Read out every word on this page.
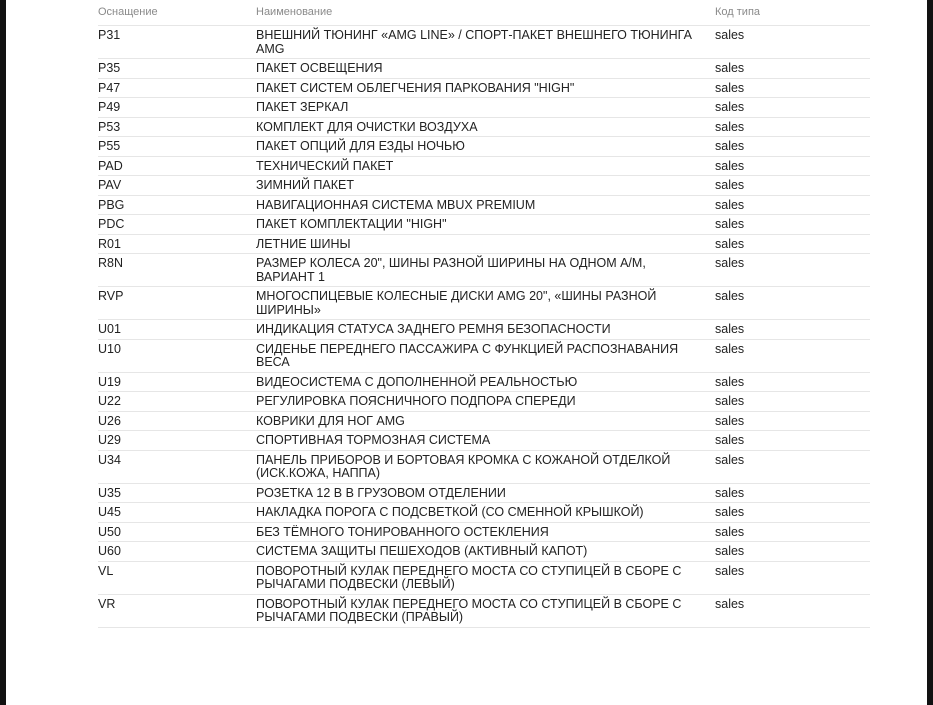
Оснащение	Наименование	Код типа
P31	ВНЕШНИЙ ТЮНИНГ «AMG LINE» / СПОРТ-ПАКЕТ ВНЕШНЕГО ТЮНИНГА AMG	sales
P35	ПАКЕТ ОСВЕЩЕНИЯ	sales
P47	ПАКЕТ СИСТЕМ ОБЛЕГЧЕНИЯ ПАРКОВАНИЯ "HIGH"	sales
P49	ПАКЕТ ЗЕРКАЛ	sales
P53	КОМПЛЕКТ ДЛЯ ОЧИСТКИ ВОЗДУХА	sales
P55	ПАКЕТ ОПЦИЙ ДЛЯ ЕЗДЫ НОЧЬЮ	sales
PAD	ТЕХНИЧЕСКИЙ ПАКЕТ	sales
PAV	ЗИМНИЙ ПАКЕТ	sales
PBG	НАВИГАЦИОННАЯ СИСТЕМА MBUX PREMIUM	sales
PDC	ПАКЕТ КОМПЛЕКТАЦИИ "HIGH"	sales
R01	ЛЕТНИЕ ШИНЫ	sales
R8N	РАЗМЕР КОЛЕСА 20", ШИНЫ РАЗНОЙ ШИРИНЫ НА ОДНОМ А/М, ВАРИАНТ 1	sales
RVP	МНОГОСПИЦЕВЫЕ КОЛЕСНЫЕ ДИСКИ AMG 20", «ШИНЫ РАЗНОЙ ШИРИНЫ»	sales
U01	ИНДИКАЦИЯ СТАТУСА ЗАДНЕГО РЕМНЯ БЕЗОПАСНОСТИ	sales
U10	СИДЕНЬЕ ПЕРЕДНЕГО ПАССАЖИРА С ФУНКЦИЕЙ РАСПОЗНАВАНИЯ ВЕСА	sales
U19	ВИДЕОСИСТЕМА С ДОПОЛНЕННОЙ РЕАЛЬНОСТЬЮ	sales
U22	РЕГУЛИРОВКА ПОЯСНИЧНОГО ПОДПОРА СПЕРЕДИ	sales
U26	КОВРИКИ ДЛЯ НОГ AMG	sales
U29	СПОРТИВНАЯ ТОРМОЗНАЯ СИСТЕМА	sales
U34	ПАНЕЛЬ ПРИБОРОВ И БОРТОВАЯ КРОМКА С КОЖАНОЙ ОТДЕЛКОЙ (ИСК.КОЖА, НАППА)	sales
U35	РОЗЕТКА 12 В В ГРУЗОВОМ ОТДЕЛЕНИИ	sales
U45	НАКЛАДКА ПОРОГА С ПОДСВЕТКОЙ (СО СМЕННОЙ КРЫШКОЙ)	sales
U50	БЕЗ ТЁМНОГО ТОНИРОВАННОГО ОСТЕКЛЕНИЯ	sales
U60	СИСТЕМА ЗАЩИТЫ ПЕШЕХОДОВ (АКТИВНЫЙ КАПОТ)	sales
VL	ПОВОРОТНЫЙ КУЛАК ПЕРЕДНЕГО МОСТА СО СТУПИЦЕЙ В СБОРЕ С РЫЧАГАМИ ПОДВЕСКИ (ЛЕВЫЙ)	sales
VR	ПОВОРОТНЫЙ КУЛАК ПЕРЕДНЕГО МОСТА СО СТУПИЦЕЙ В СБОРЕ С РЫЧАГАМИ ПОДВЕСКИ (ПРАВЫЙ)	sales
